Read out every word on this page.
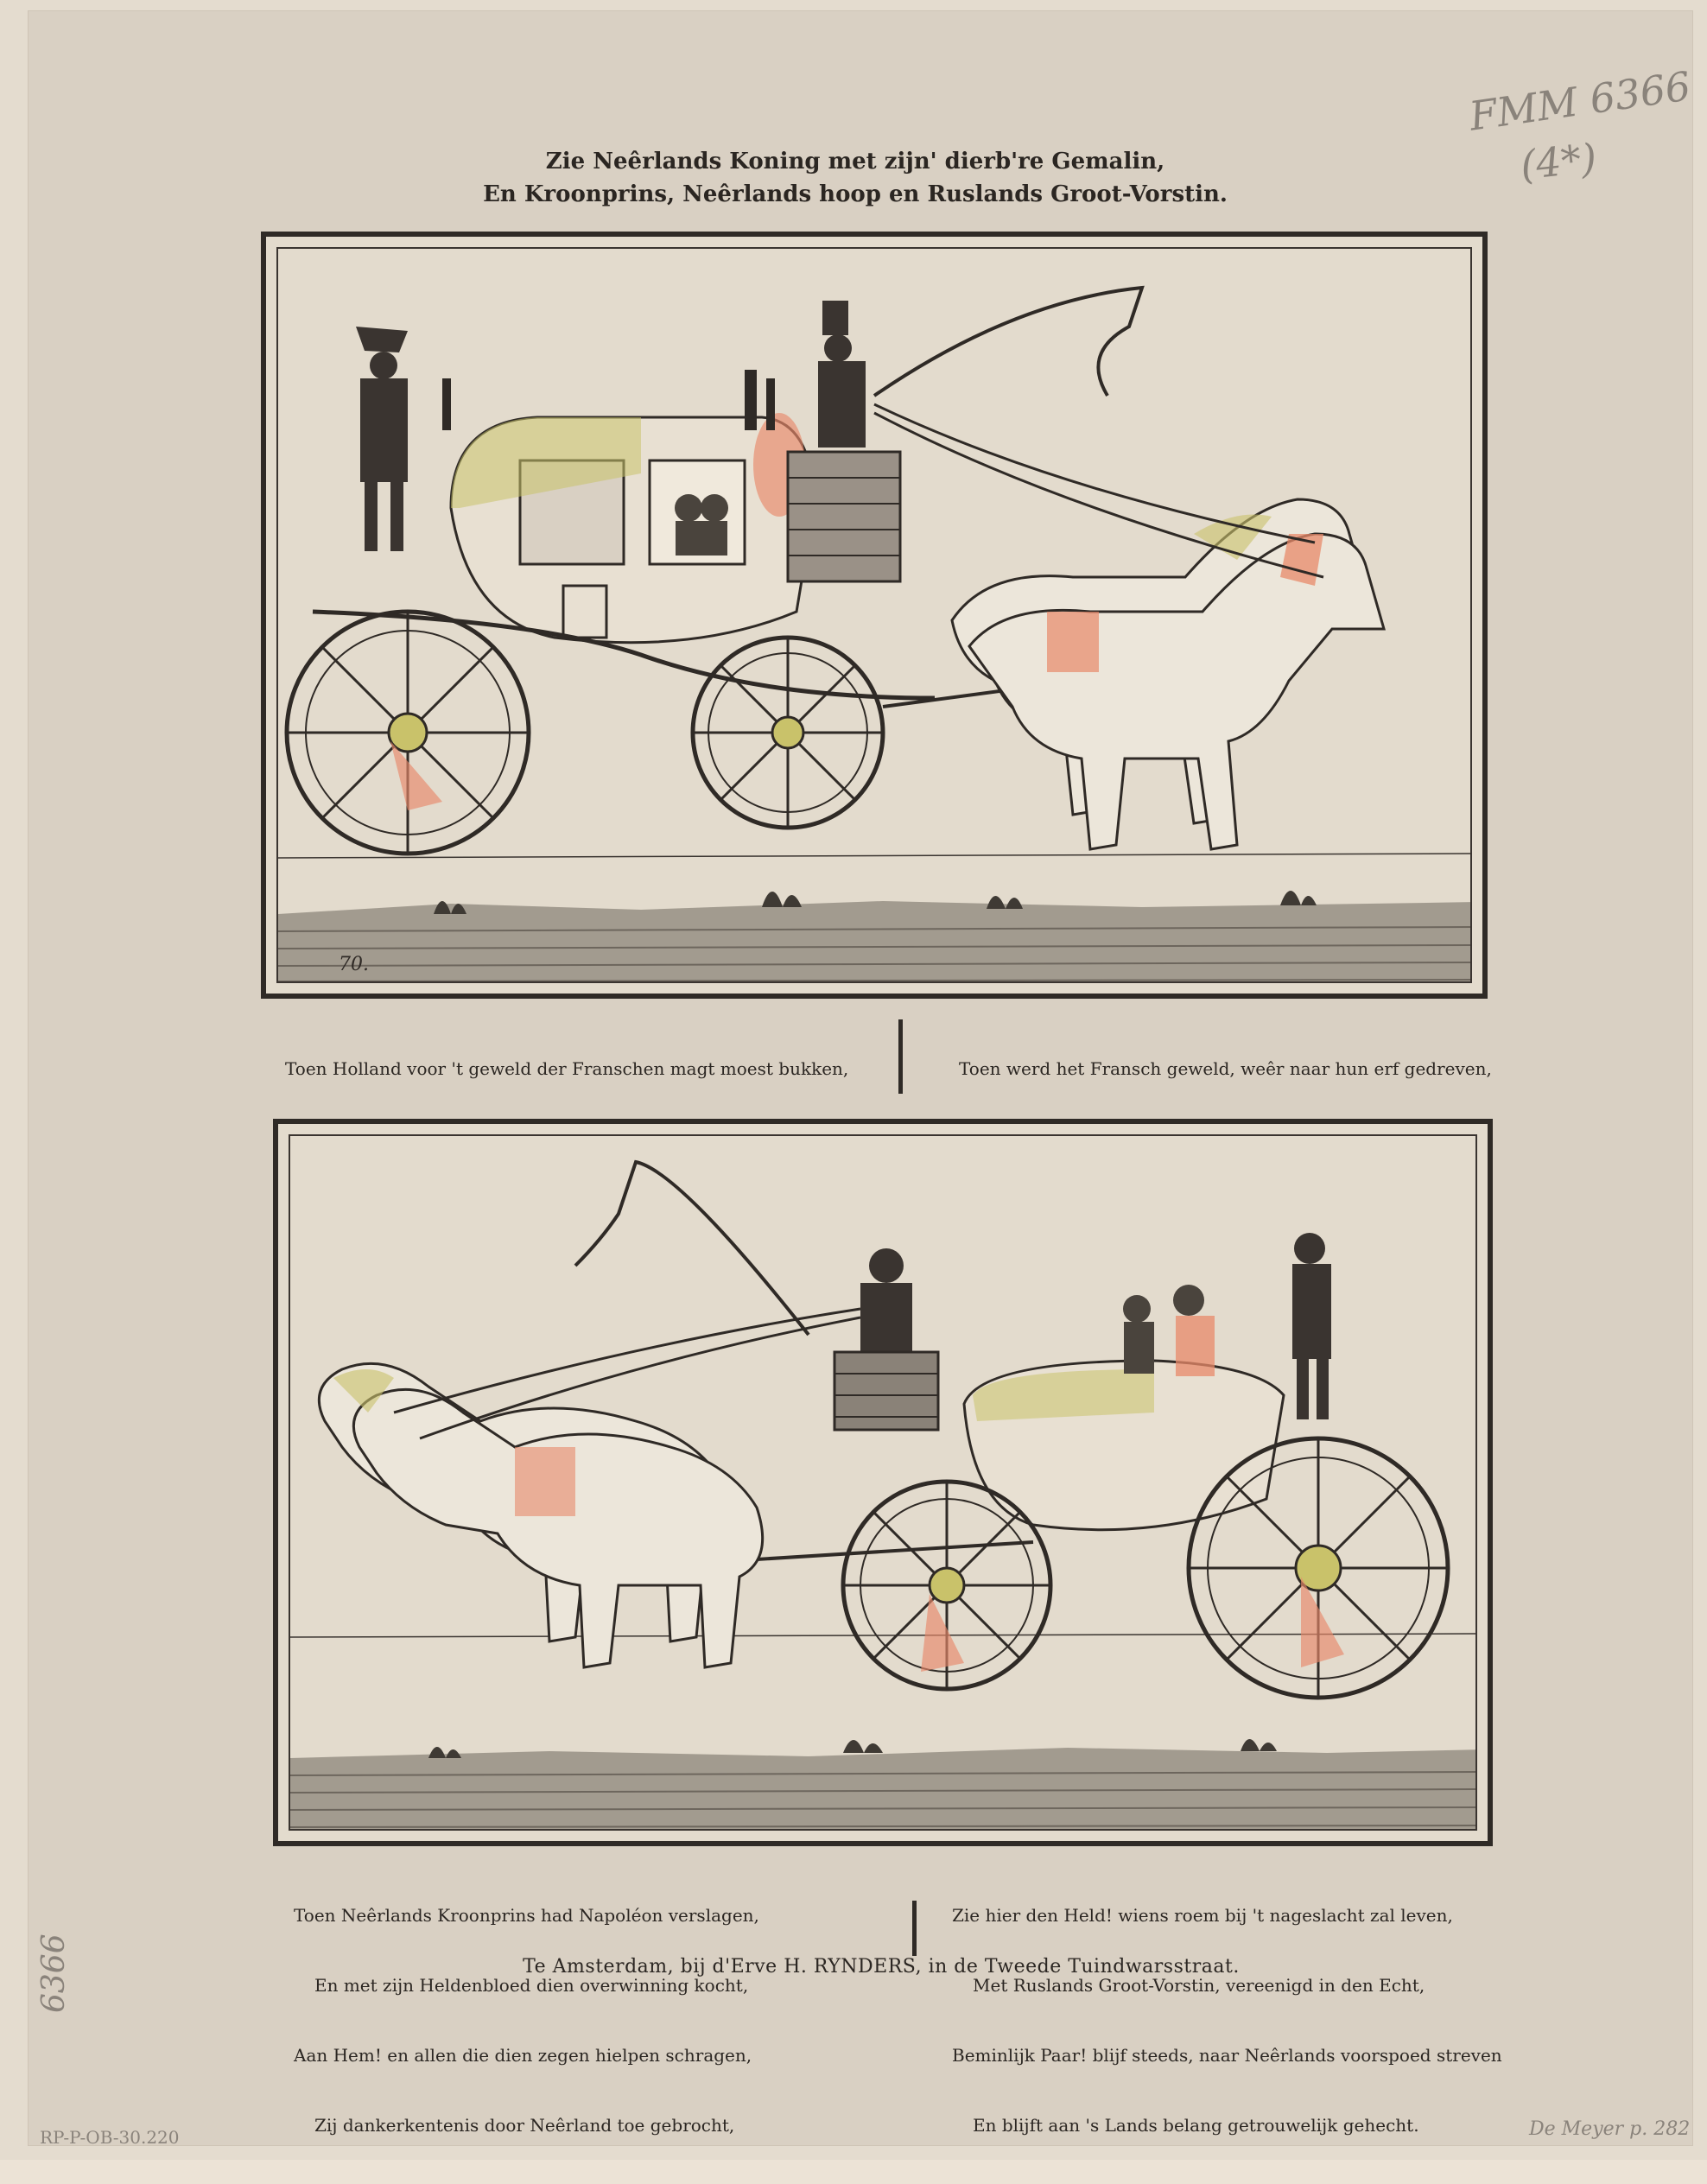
FMM 6366
(4*)
6366
RP-P-OB-30.220	De Meyer p. 282
Zie Neêrlands Koning met zijn' dierb're Gemalin,
En Kroonprins, Neêrlands hoop en Ruslands Groot-Vorstin.
70.

Toen Holland voor 't geweld der Franschen magt moest bukken,

	Toen werd het Fransch geweld, weêr naar hun erf gedreven,

Toen Neêrlands Kroonprins had Napoléon verslagen,

En met zijn Heldenbloed dien overwinning kocht,

Aan Hem! en allen die dien zegen hielpen schragen,

Zij dankerkentenis door Neêrland toe gebrocht,

Zie hier den Held! wiens roem bij 't nageslacht zal leven,

Met Ruslands Groot-Vorstin, vereenigd in den Echt,

Beminlijk Paar! blijf steeds, naar Neêrlands voorspoed streven

En blijft aan 's Lands belang getrouwelijk gehecht.

Te Amsterdam, bij d'Erve H. RYNDERS, in de Tweede Tuindwarsstraat.
